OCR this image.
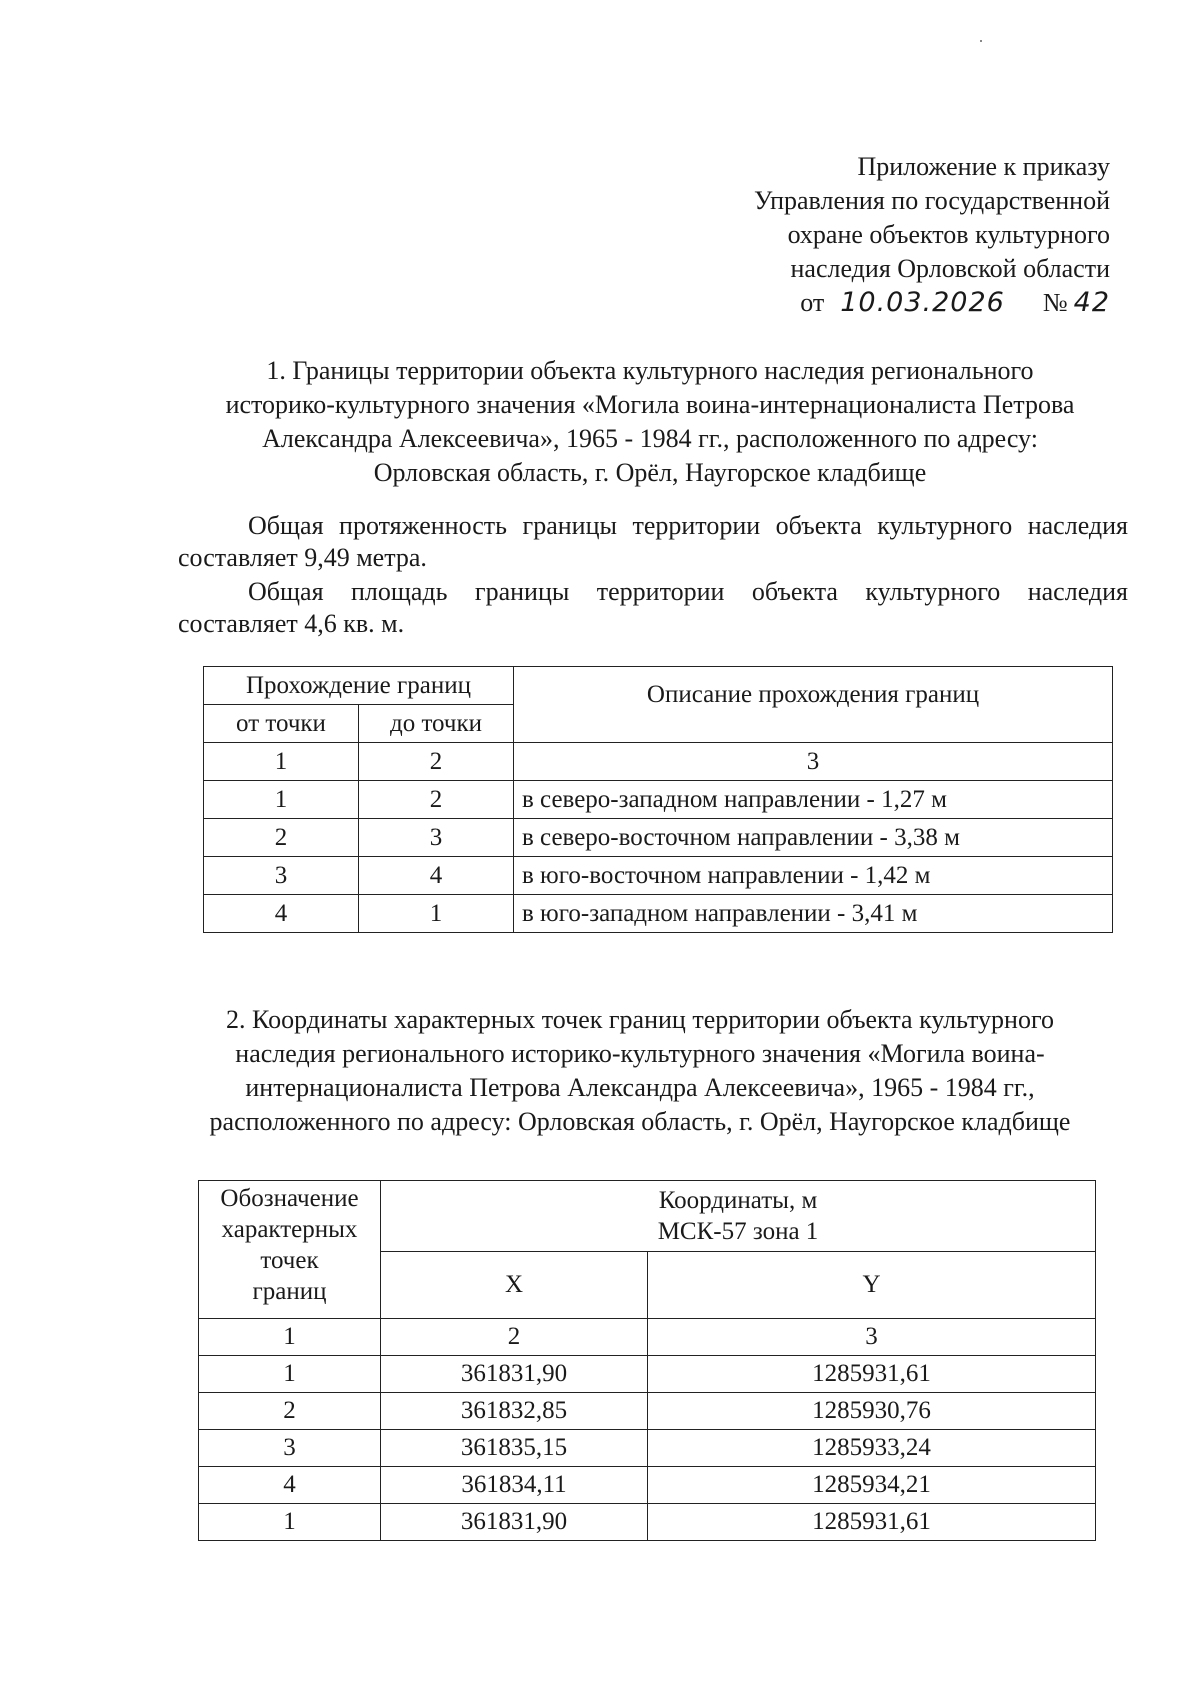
Приложение к приказу
Управления по государственной
охране объектов культурного
наследия Орловской области
от 10.03.2026 № 42
1. Границы территории объекта культурного наследия регионального
историко-культурного значения «Могила воина-интернационалиста Петрова
Александра Алексеевича», 1965 - 1984 гг., расположенного по адресу:
Орловская область, г. Орёл, Наугорское кладбище
Общая протяженность границы территории объекта культурного наследия составляет 9,49 метра.
Общая площадь границы территории объекта культурного наследия составляет 4,6 кв. м.
Прохождение границ		Описание прохождения границ
от точки	до точки	
1	2	3
1	2	в северо-западном направлении - 1,27 м
2	3	в северо-восточном направлении - 3,38 м
3	4	в юго-восточном направлении - 1,42 м
4	1	в юго-западном направлении - 3,41 м
2. Координаты характерных точек границ территории объекта культурного
наследия регионального историко-культурного значения «Могила воина-
интернационалиста Петрова Александра Алексеевича», 1965 - 1984 гг.,
расположенного по адресу: Орловская область, г. Орёл, Наугорское кладбище
Обозначение
характерных
точек
границ	Координаты, м
МСК-57 зона 1	

	X	Y
1	2	3
1	361831,90	1285931,61
2	361832,85	1285930,76
3	361835,15	1285933,24
4	361834,11	1285934,21
1	361831,90	1285931,61
